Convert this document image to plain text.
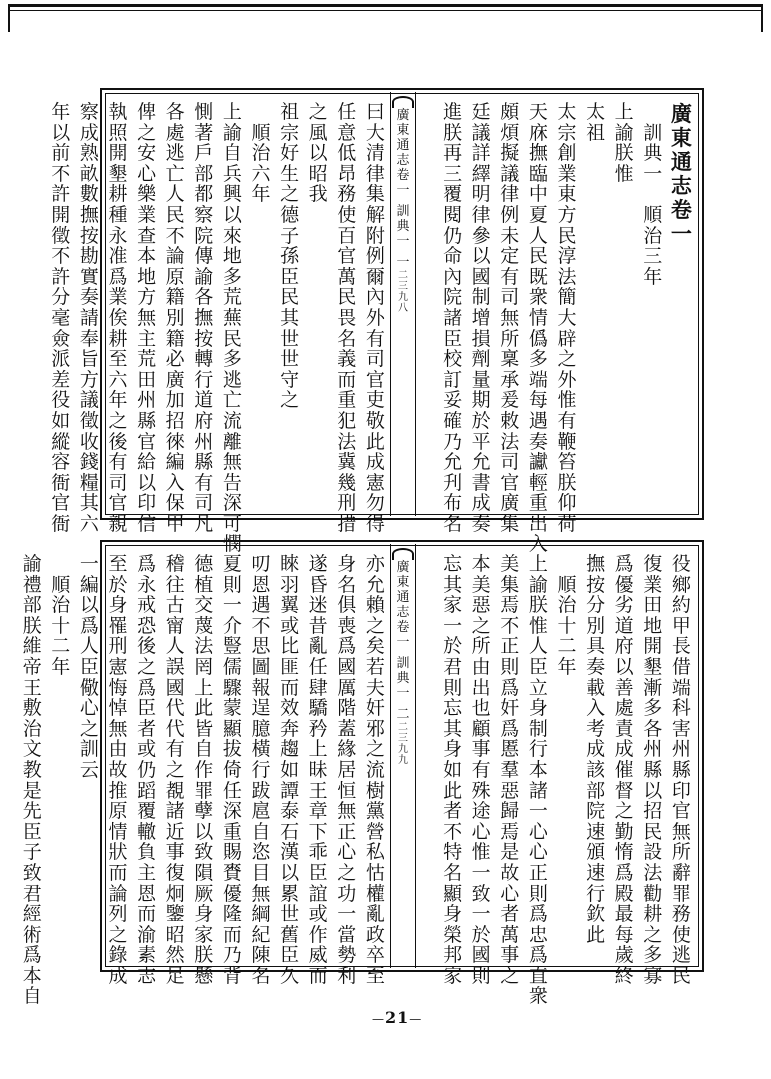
廣
東
通
志
卷
一
訓
典
一
一
二
三
九
八
廣
東
通
志
卷
一

訓
典
一

順
治
三
年
上
諭
朕
惟
太
祖
太
宗
創
業
東
方
民
淳
法
簡
大
辟
之
外
惟
有
鞭
笞
朕
仰
荷
天
庥
撫
臨
中
夏
人
民
既
衆
情
僞
多
端
每
遇
奏
讞
輕
重
出
入
頗
煩
擬
議
律
例
未
定
有
司
無
所
稟
承
爰
敕
法
司
官
廣
集
廷
議
詳
繹
明
律
參
以
國
制
增
損
劑
量
期
於
平
允
書
成
奏
進
朕
再
三
覆
閱
仍
命
內
院
諸
臣
校
訂
妥
確
乃
允
刋
布
名
曰
大
清
律
集
解
附
例
爾
內
外
有
司
官
吏
敬
此
成
憲
勿
得
任
意
低
昂
務
使
百
官
萬
民
畏
名
義
而
重
犯
法
冀
幾
刑
措
之
風
以
昭
我
祖
宗
好
生
之
德
子
孫
臣
民
其
世
世
守
之

順
治
六
年
上
諭
自
兵
興
以
來
地
多
荒
蕪
民
多
逃
亡
流
離
無
告
深
可
憫
惻
著
戶
部
都
察
院
傳
諭
各
撫
按
轉
行
道
府
州
縣
有
司
凡
各
處
逃
亡
人
民
不
論
原
籍
別
籍
必
廣
加
招
徠
編
入
保
甲
俾
之
安
心
樂
業
查
本
地
方
無
主
荒
田
州
縣
官
給
以
印
信
執
照
開
墾
耕
種
永
准
爲
業
俟
耕
至
六
年
之
後
有
司
官
親
察
成
熟
畝
數
撫
按
勘
實
奏
請
奉
旨
方
議
徵
收
錢
糧
其
六
年
以
前
不
許
開
徵
不
許
分
毫
僉
派
差
役
如
縱
容
衙
官
衙
廣
東
通
志
卷
一
訓
典
一
二
二
三
九
九
役
鄉
約
甲
長
借
端
科
害
州
縣
印
官
無
所
辭
罪
務
使
逃
民
復
業
田
地
開
墾
漸
多
各
州
縣
以
招
民
設
法
勸
耕
之
多
寡
爲
優
劣
道
府
以
善
處
責
成
催
督
之
勤
惰
爲
殿
最
每
歲
終
撫
按
分
別
具
奏
載
入
考
成
該
部
院
速
頒
速
行
欽
此

順
治
十
二
年
上
諭
朕
惟
人
臣
立
身
制
行
本
諸
一
心
心
正
則
爲
忠
爲
直
衆
美
集
焉
不
正
則
爲
奸
爲
慝
羣
惡
歸
焉
是
故
心
者
萬
事
之
本
美
惡
之
所
由
出
也
顧
事
有
殊
途
心
惟
一
致
一
於
國
則
忘
其
家
一
於
君
則
忘
其
身
如
此
者
不
特
名
顯
身
榮
邦
家
亦
允
賴
之
矣
若
夫
奸
邪
之
流
樹
黨
營
私
怙
權
亂
政
卒
至
身
名
俱
喪
爲
國
厲
階
蓋
緣
居
恒
無
正
心
之
功
一
當
勢
利
遂
昏
迷
昔
亂
任
肆
驕
矜
上
昧
王
章
下
乖
臣
誼
或
作
威
而
睞
羽
翼
或
比
匪
而
效
奔
趨
如
譚
泰
石
漢
以
累
世
舊
臣
久
叨
恩
遇
不
思
圖
報
逞
臆
橫
行
跋
扈
自
恣
目
無
綱
紀
陳
名
夏
則
一
介
豎
儒
驟
蒙
顯
拔
倚
任
深
重
賜
賚
優
隆
而
乃
背
德
植
交
蔑
法
罔
上
此
皆
自
作
罪
孽
以
致
隕
厥
身
家
朕
懸
稽
往
古
甯
人
誤
國
代
代
有
之
覩
諸
近
事
復
炯
鑒
昭
然
足
爲
永
戒
恐
後
之
爲
臣
者
或
仍
蹈
覆
轍
負
主
恩
而
渝
素
志
至
於
身
罹
刑
憲
悔
悼
無
由
故
推
原
情
狀
而
論
列
之
錄
成
一
編
以
爲
人
臣
儆
心
之
訓
云

順
治
十
二
年
諭
禮
部
朕
維
帝
王
敷
治
文
教
是
先
臣
子
致
君
經
術
爲
本
自
— 21 —
